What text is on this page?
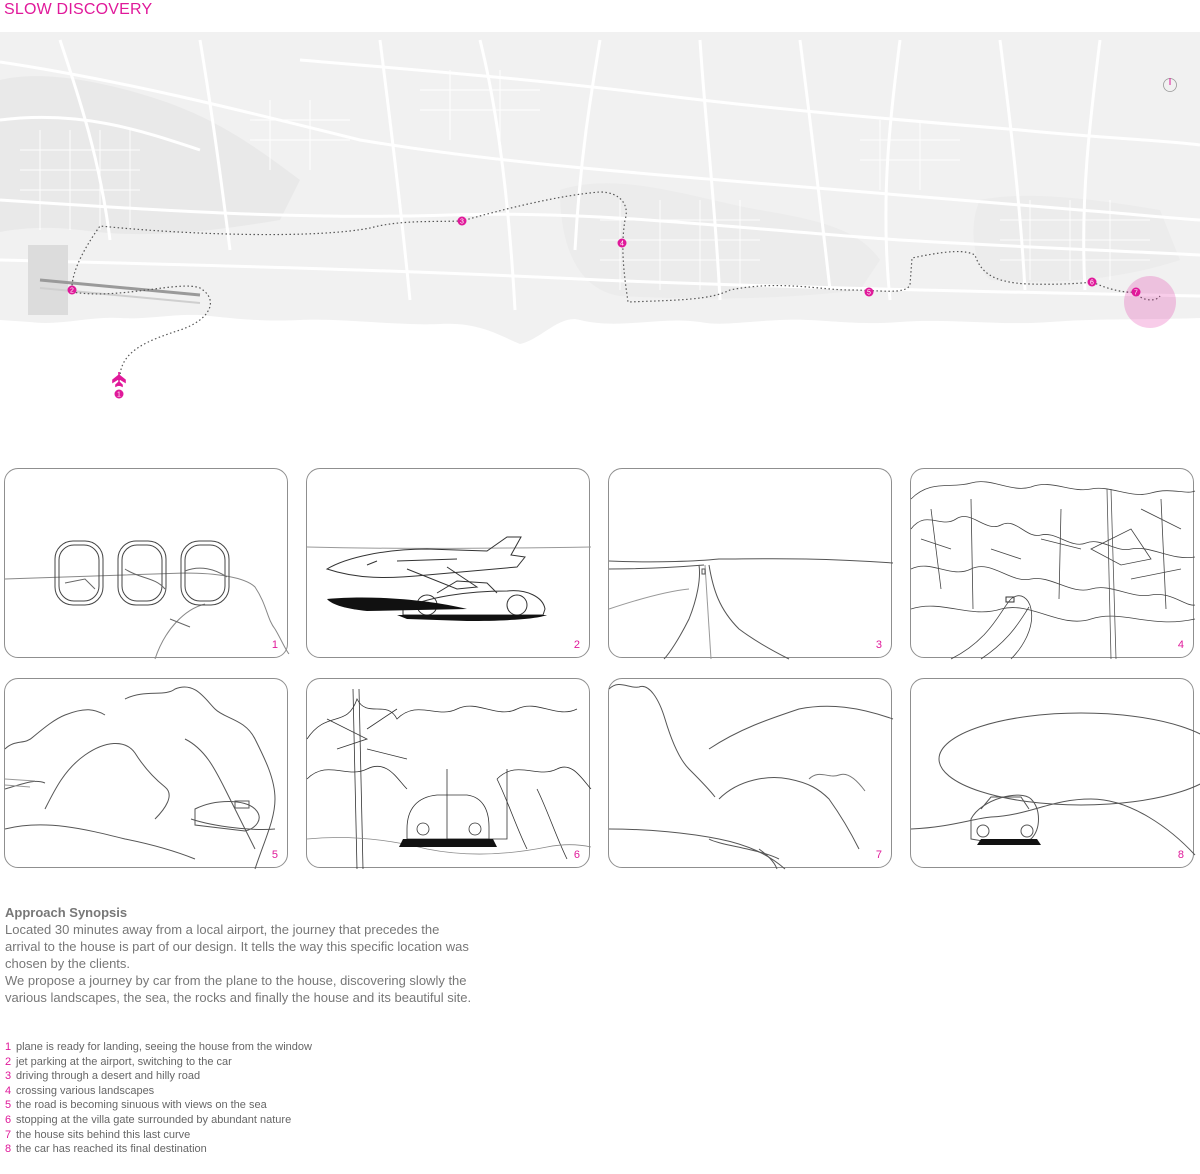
SLOW DISCOVERY
1
2
3
4
5
6
7
1	2	3	4
5	6	7	8
Approach Synopsis

Located 30 minutes away from a local airport, the journey that precedes the arrival to the house is part of our design. It tells the way this specific location was chosen by the clients.

We propose a journey by car from the plane to the house, discovering slowly the various landscapes, the sea, the rocks and finally the house and its beautiful site.

1 plane is ready for landing, seeing the house from the window
2 jet parking at the airport, switching to the car
3 driving through a desert and hilly road
4 crossing various landscapes
5 the road is becoming sinuous with views on the sea
6 stopping at the villa gate surrounded by abundant nature
7 the house sits behind this last curve
8 the car has reached its final destination
